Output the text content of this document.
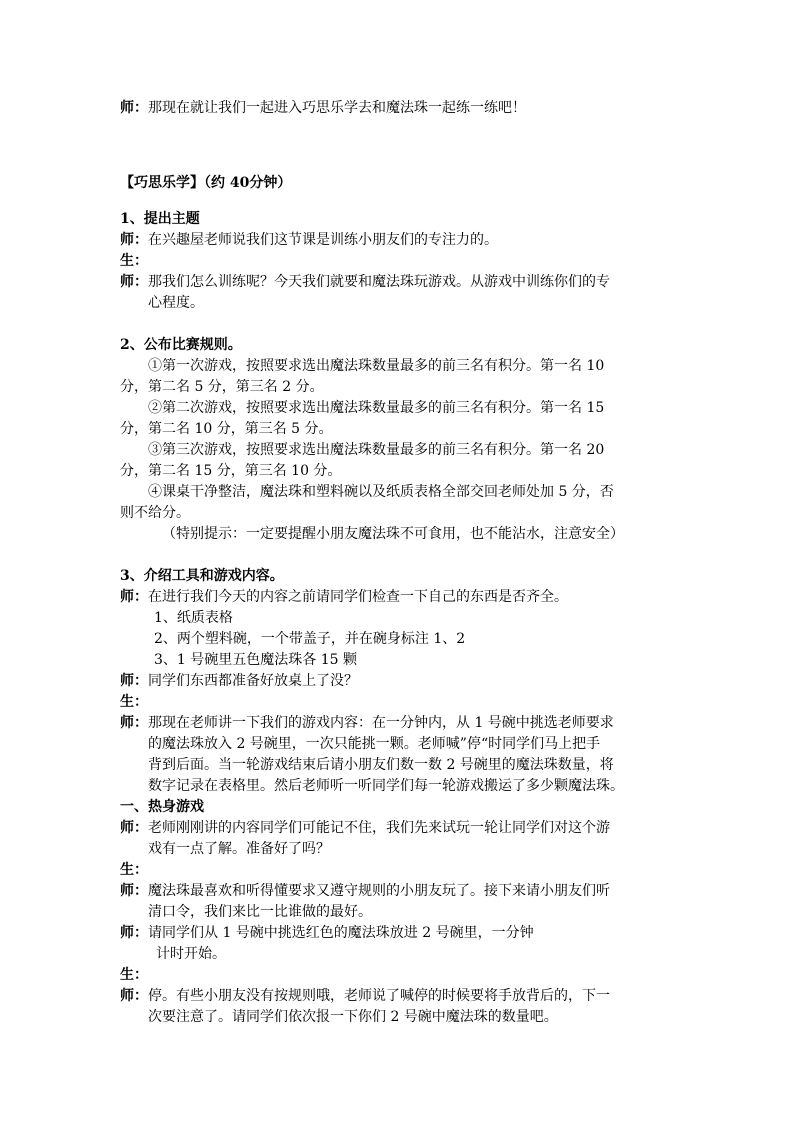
师：那现在就让我们一起进入巧思乐学去和魔法珠一起练一练吧！
【巧思乐学】（约 40分钟）
1、提出主题
师：在兴趣屋老师说我们这节课是训练小朋友们的专注力的。
生：
师：那我们怎么训练呢？今天我们就要和魔法珠玩游戏。从游戏中训练你们的专
心程度。
2、公布比赛规则。
①第一次游戏，按照要求选出魔法珠数量最多的前三名有积分。第一名 10
分，第二名 5 分，第三名 2 分。
②第二次游戏，按照要求选出魔法珠数量最多的前三名有积分。第一名 15
分，第二名 10 分，第三名 5 分。
③第三次游戏，按照要求选出魔法珠数量最多的前三名有积分。第一名 20
分，第二名 15 分，第三名 10 分。
④课桌干净整洁，魔法珠和塑料碗以及纸质表格全部交回老师处加 5 分，否
则不给分。
（特别提示：一定要提醒小朋友魔法珠不可食用，也不能沾水，注意安全）
3、介绍工具和游戏内容。
师：在进行我们今天的内容之前请同学们检查一下自己的东西是否齐全。
1、纸质表格
2、两个塑料碗，一个带盖子，并在碗身标注 1、2
3、1 号碗里五色魔法珠各 15 颗
师：同学们东西都准备好放桌上了没？
生：
师：那现在老师讲一下我们的游戏内容：在一分钟内，从 1 号碗中挑选老师要求
的魔法珠放入 2 号碗里，一次只能挑一颗。老师喊”停“时同学们马上把手
背到后面。当一轮游戏结束后请小朋友们数一数 2 号碗里的魔法珠数量，将
数字记录在表格里。然后老师听一听同学们每一轮游戏搬运了多少颗魔法珠。
一、热身游戏
师：老师刚刚讲的内容同学们可能记不住，我们先来试玩一轮让同学们对这个游
戏有一点了解。准备好了吗？
生：
师：魔法珠最喜欢和听得懂要求又遵守规则的小朋友玩了。接下来请小朋友们听
清口令，我们来比一比谁做的最好。
师：请同学们从 1 号碗中挑选红色的魔法珠放进 2 号碗里，一分钟
计时开始。
生：
师：停。有些小朋友没有按规则哦，老师说了喊停的时候要将手放背后的，下一
次要注意了。请同学们依次报一下你们 2 号碗中魔法珠的数量吧。
